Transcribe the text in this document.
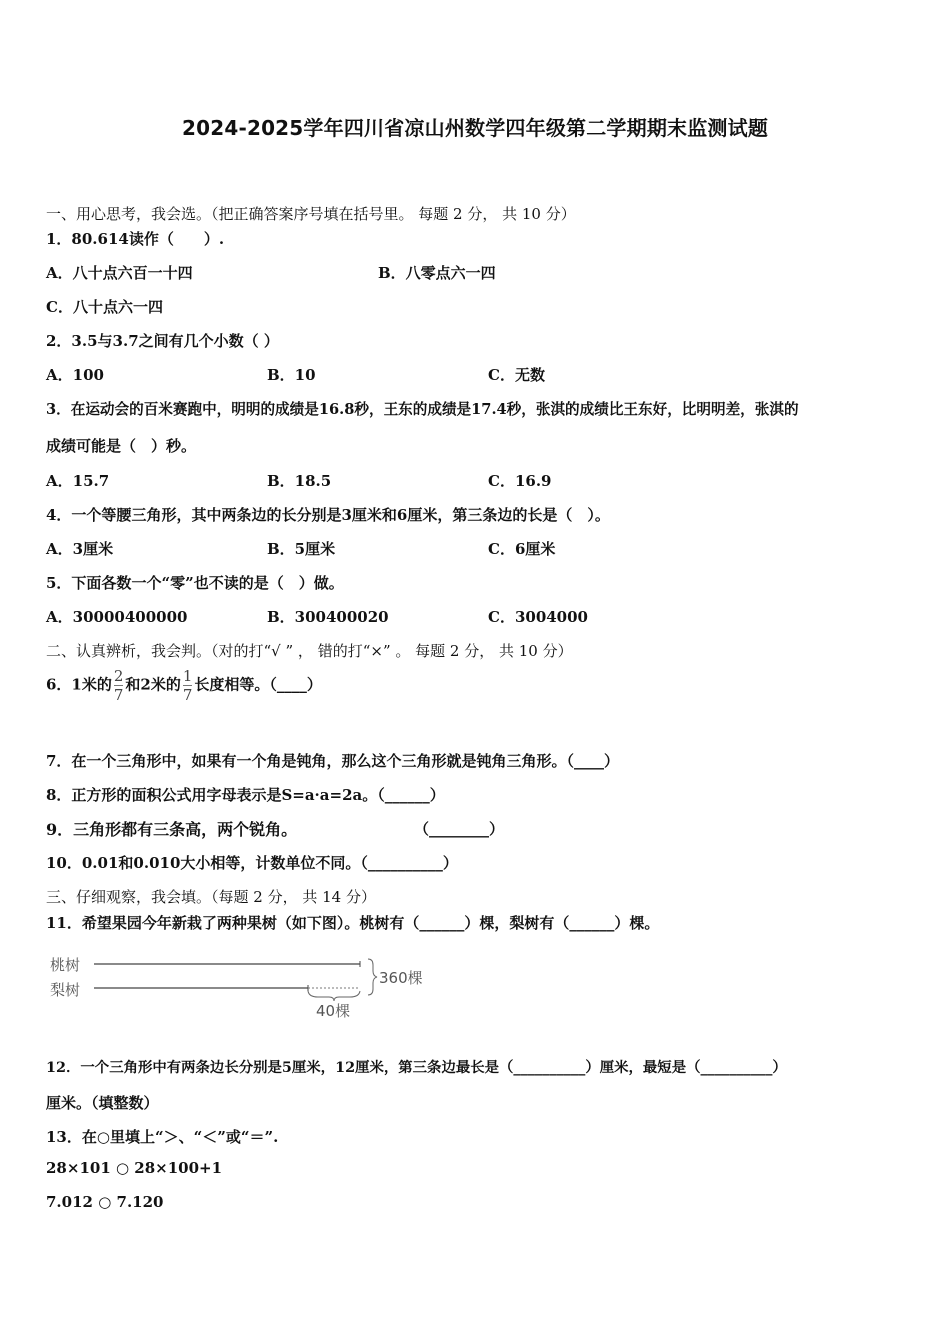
2024-2025学年四川省凉山州数学四年级第二学期期末监测试题
一、用心思考，我会选。（把正确答案序号填在括号里。 每题 2 分， 共 10 分）
1．80.614读作（　　）.
A．八十点六百一十四	B．八零点六一四
C．八十点六一四
2．3.5与3.7之间有几个小数（ ）
A．100	B．10	C．无数
3．在运动会的百米赛跑中，明明的成绩是16.8秒，王东的成绩是17.4秒，张淇的成绩比王东好，比明明差，张淇的
成绩可能是（　）秒。
A．15.7	B．18.5	C．16.9
4．一个等腰三角形，其中两条边的长分别是3厘米和6厘米，第三条边的长是（　）。
A．3厘米	B．5厘米	C．6厘米
5．下面各数一个“零”也不读的是（　）做。
A．30000400000	B．300400020	C．3004000
二、认真辨析，我会判。（对的打“√ ” ， 错的打“×” 。 每题 2 分， 共 10 分）
6．1米的 $\frac{2}{7}$ 和2米的 $\frac{1}{7}$ 长度相等。（____）
7．在一个三角形中，如果有一个角是钝角，那么这个三角形就是钝角三角形。（____）
8．正方形的面积公式用字母表示是S=a·a=2a。（______）
9．三角形都有三条高，两个锐角。	（________）
10．0.01和0.010大小相等，计数单位不同。（__________）
三、仔细观察，我会填。（每题 2 分， 共 14 分）
11．希望果园今年新栽了两种果树（如下图）。桃树有（______）棵，梨树有（______）棵。
桃树
梨树
40棵
360棵
12．一个三角形中有两条边长分别是5厘米，12厘米，第三条边最长是（__________）厘米，最短是（__________）
厘米。（填整数）
13．在○里填上“＞、“＜”或“＝”.
28×101 ○ 28×100+1
7.012 ○ 7.120
